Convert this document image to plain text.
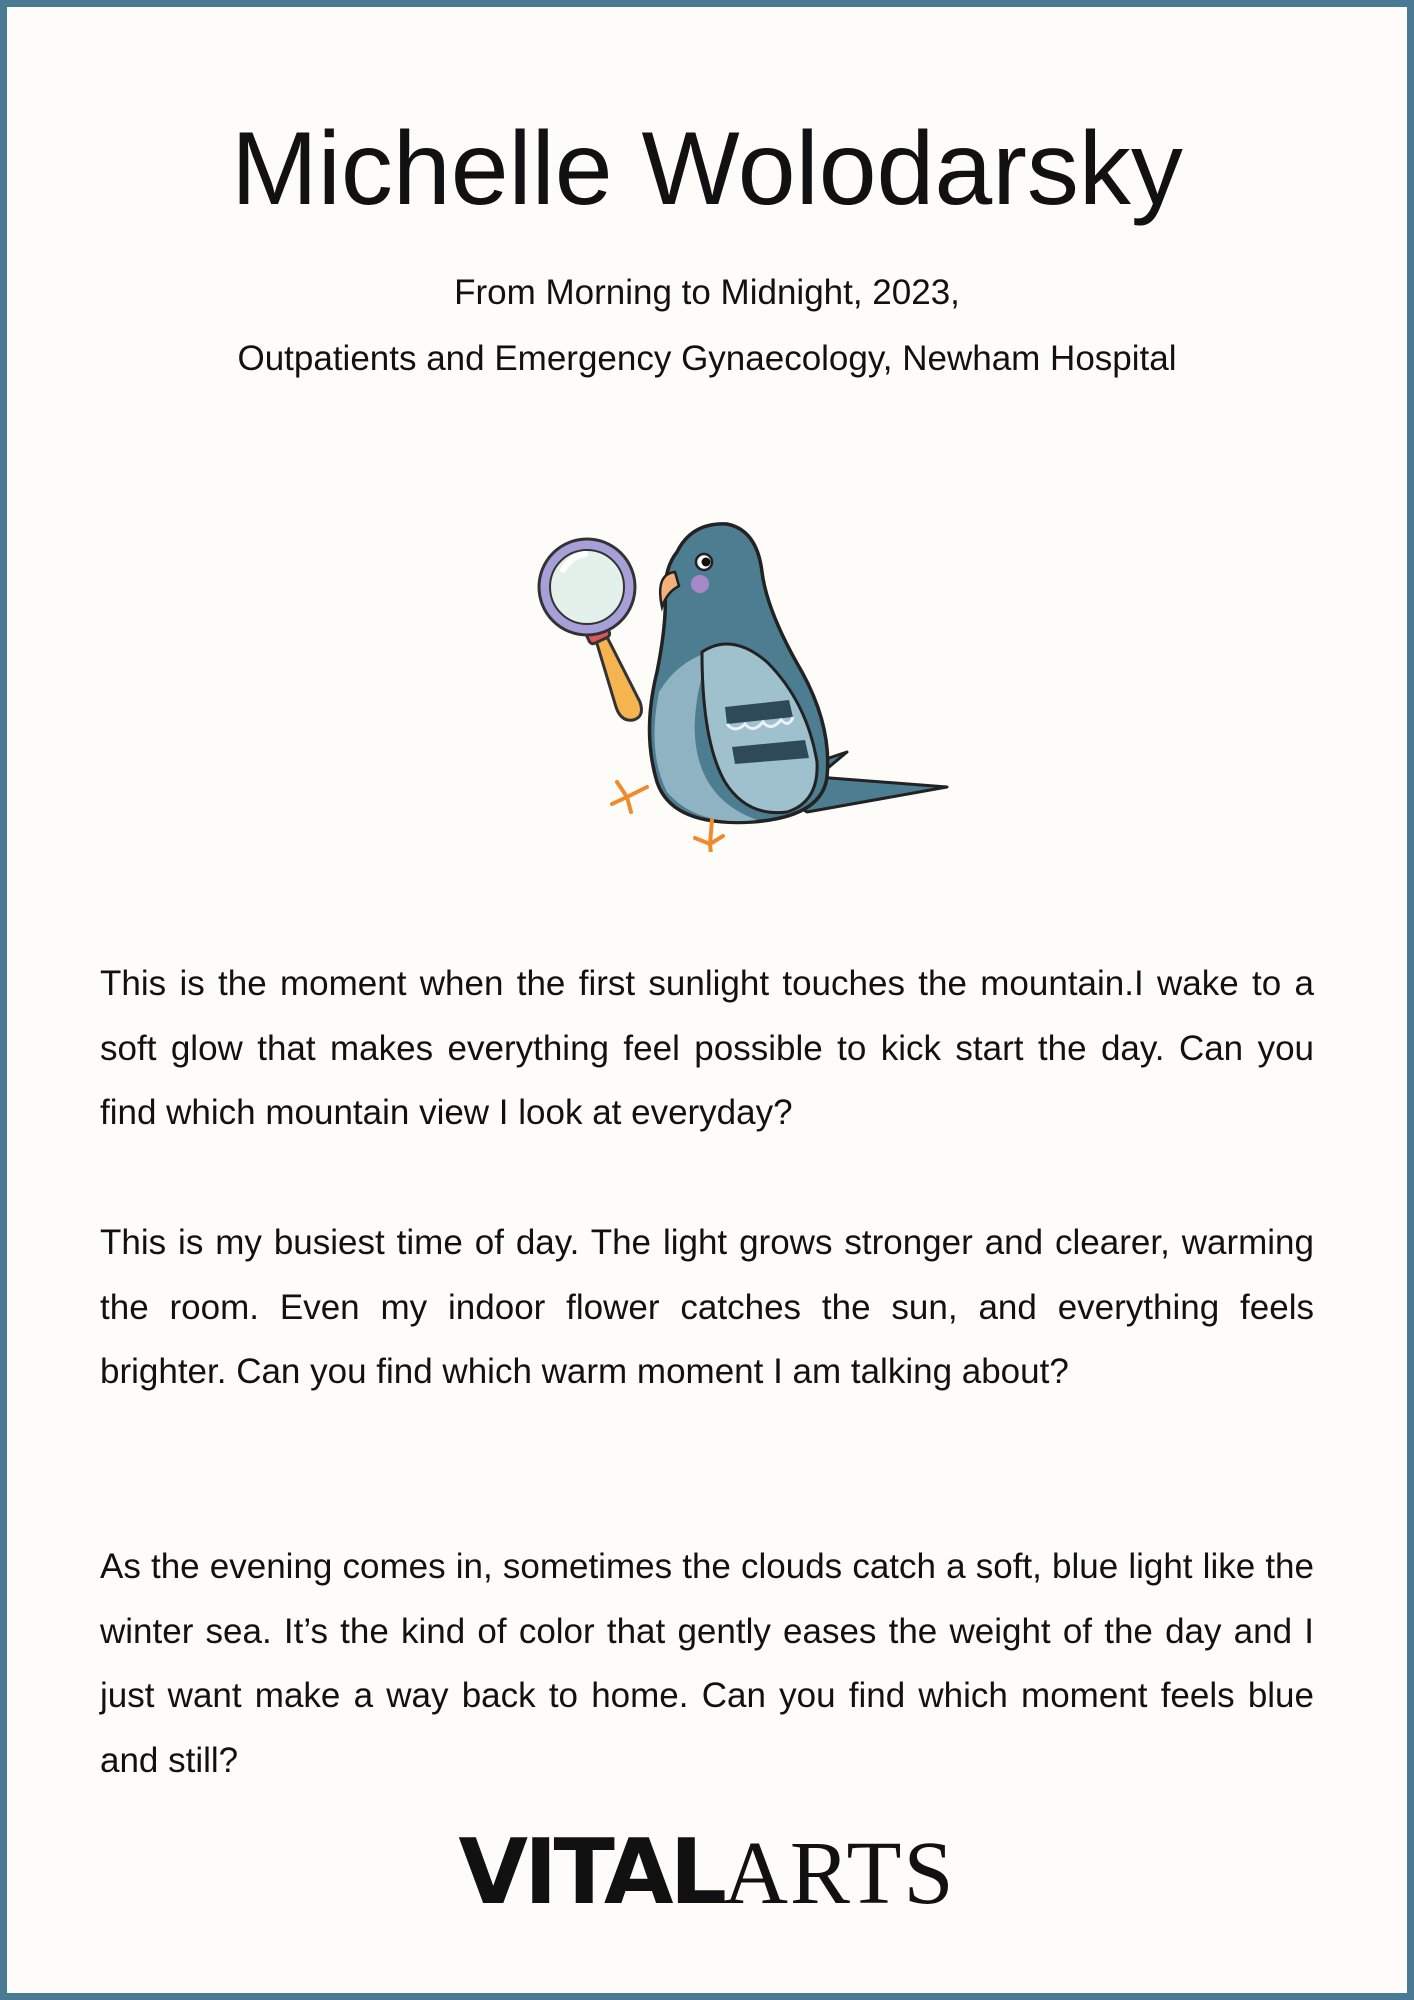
Michelle Wolodarsky
From Morning to Midnight, 2023,
Outpatients and Emergency Gynaecology, Newham Hospital

This is the moment when the first sunlight touches the mountain.I wake to a soft glow that makes everything feel possible to kick start the day. Can you find which mountain view I look at everyday?

This is my busiest time of day. The light grows stronger and clearer, warming the room. Even my indoor flower catches the sun, and everything feels brighter. Can you find which warm moment I am talking about?

As the evening comes in, sometimes the clouds catch a soft, blue light like the winter sea. It’s the kind of color that gently eases the weight of the day and I just want make a way back to home. Can you find which moment feels blue and still?

VITALARTS
